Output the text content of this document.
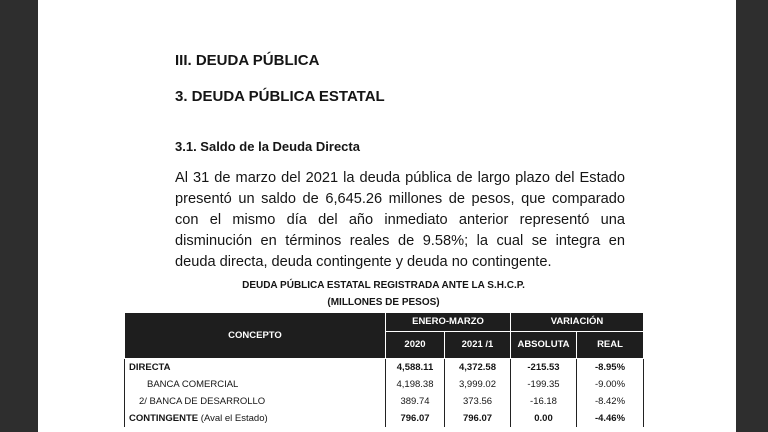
III. DEUDA PÚBLICA
3. DEUDA PÚBLICA ESTATAL
3.1. Saldo de la Deuda Directa

Al 31 de marzo del 2021 la deuda pública de largo plazo del Estado presentó un saldo de 6,645.26 millones de pesos, que comparado con el mismo día del año inmediato anterior representó una disminución en términos reales de 9.58%; la cual se integra en deuda directa, deuda contingente y deuda no contingente.

DEUDA PÚBLICA ESTATAL REGISTRADA ANTE LA S.H.C.P.
(MILLONES DE PESOS)
CONCEPTO	ENERO-MARZO		VARIACIÓN	
	2020	2021 /1	ABSOLUTA	REAL
DIRECTA	4,588.11	4,372.58	-215.53	-8.95%
BANCA COMERCIAL	4,198.38	3,999.02	-199.35	-9.00%
2/ BANCA DE DESARROLLO	389.74	373.56	-16.18	-8.42%
CONTINGENTE (Aval el Estado)	796.07	796.07	0.00	-4.46%
